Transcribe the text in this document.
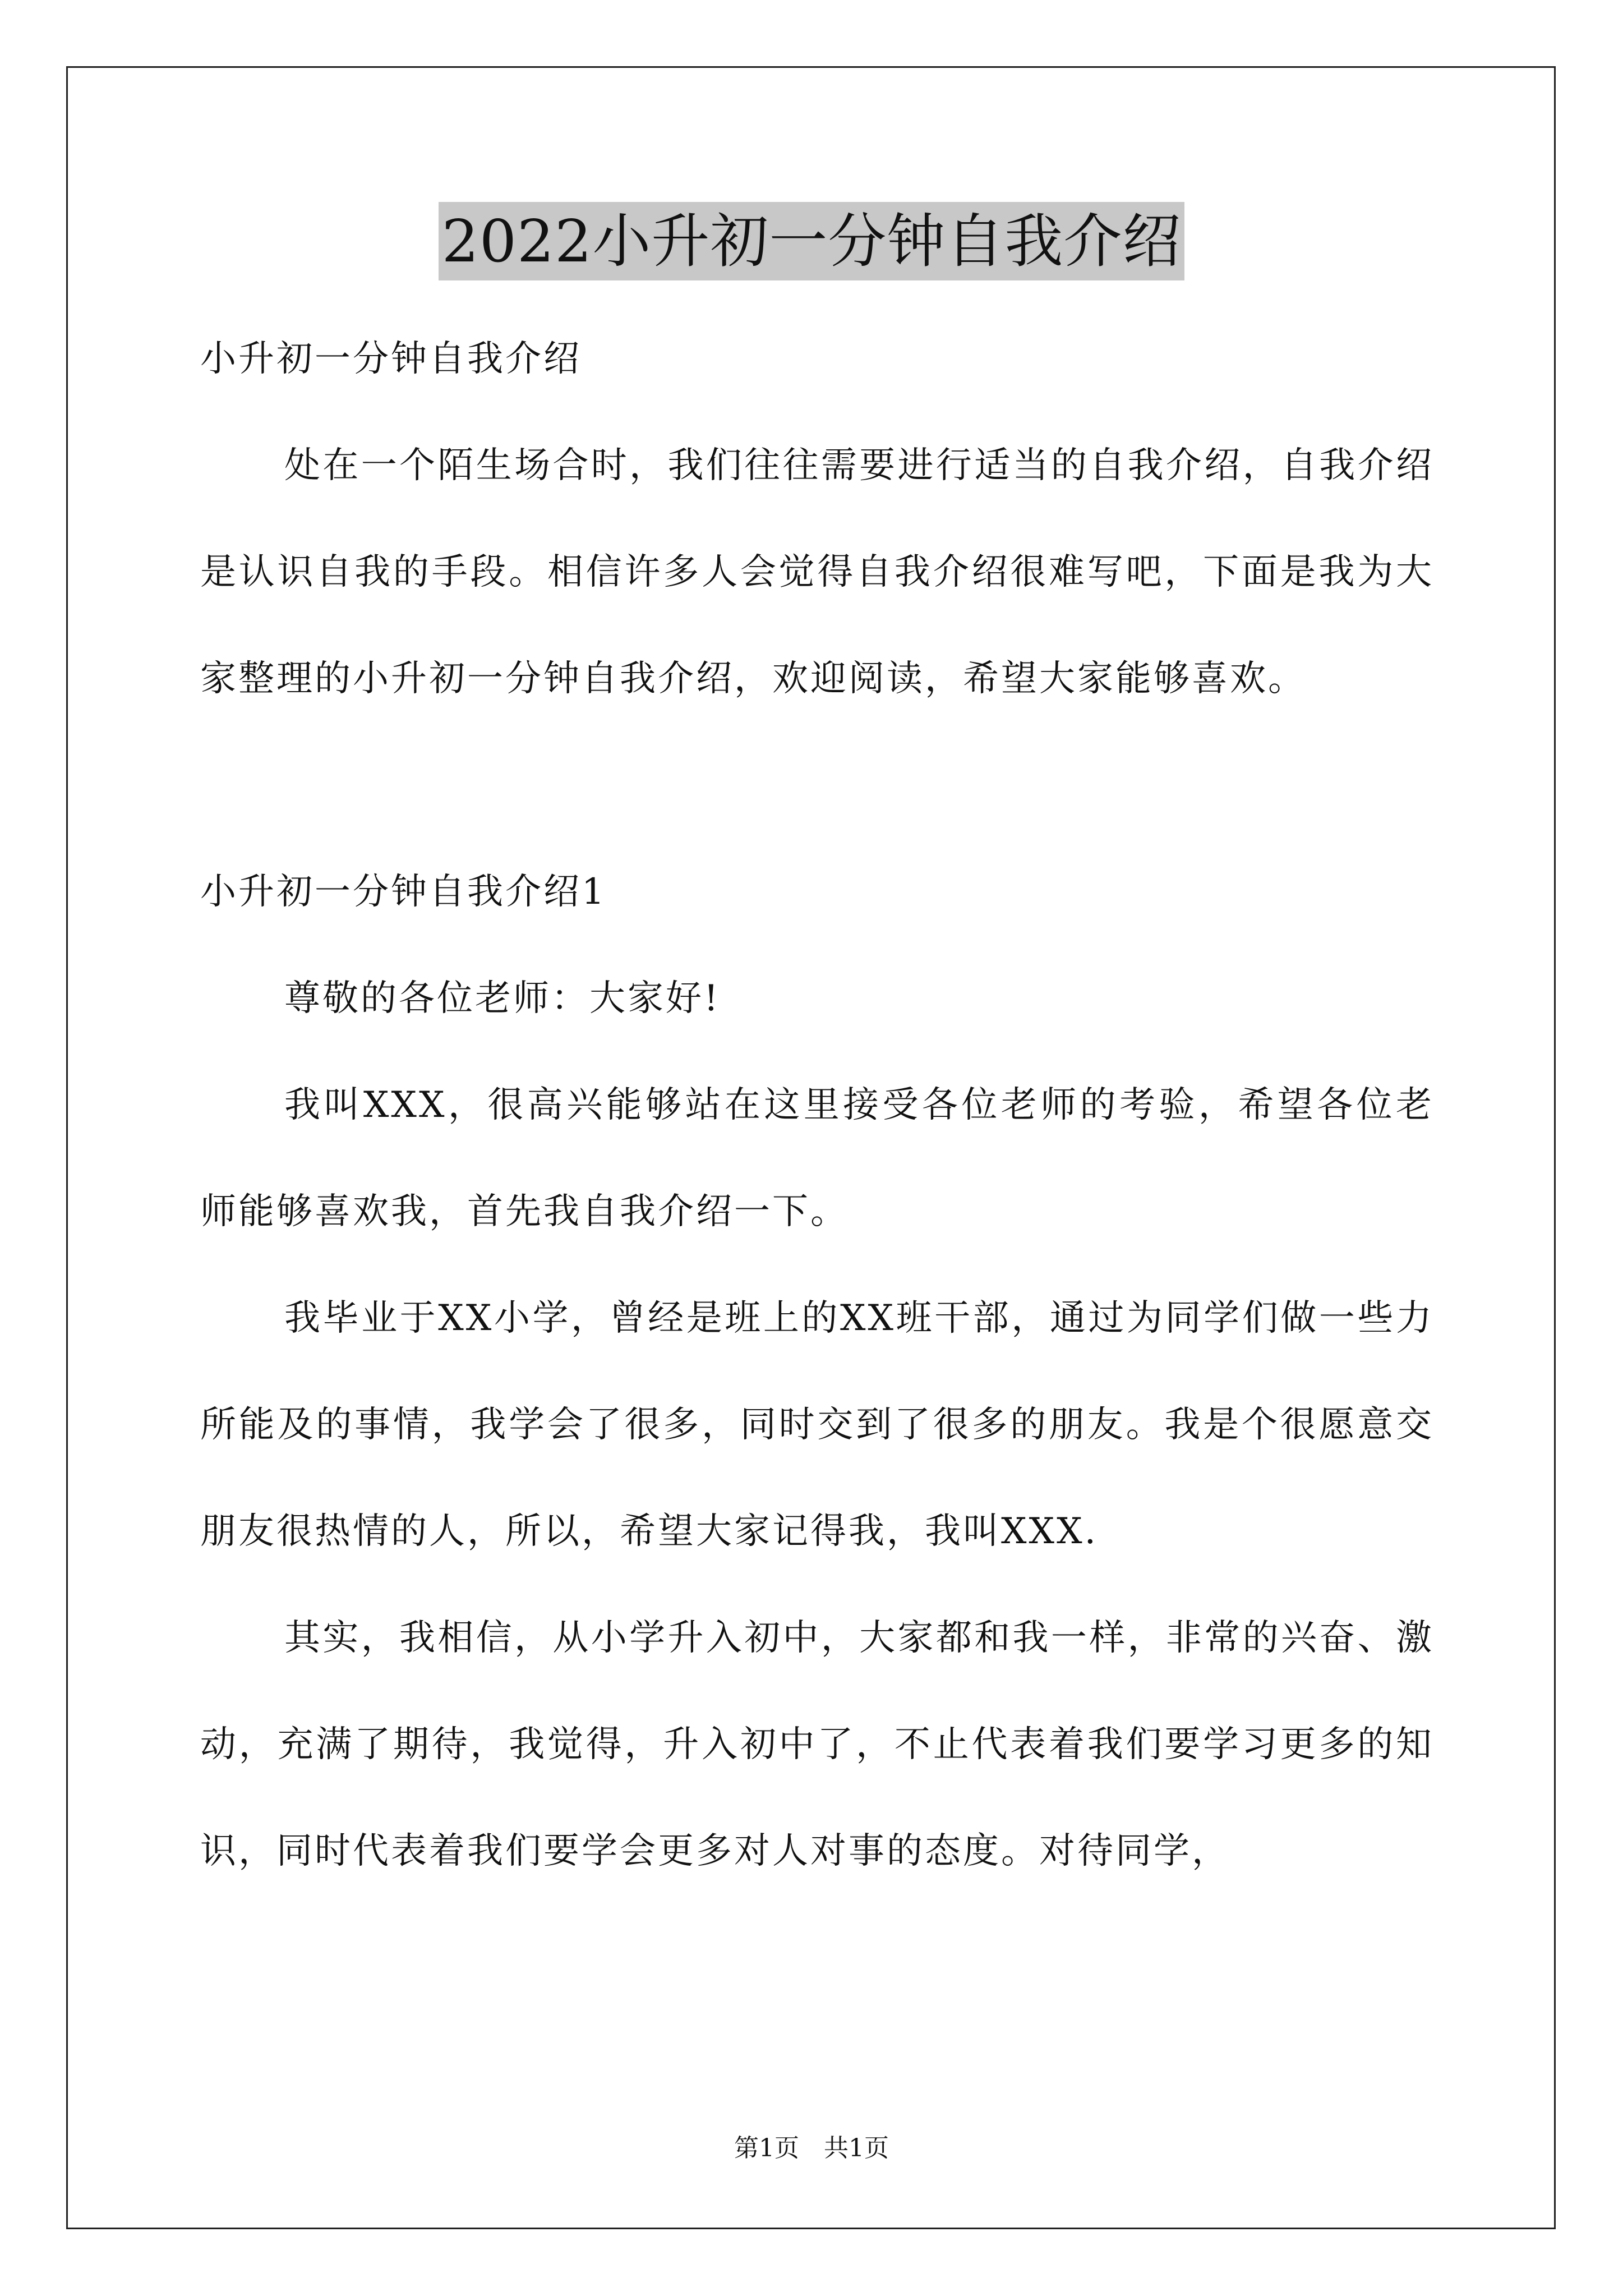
2022小升初一分钟自我介绍

小升初一分钟自我介绍

处在一个陌生场合时，我们往往需要进行适当的自我介绍，自我介绍是认识自我的手段。相信许多人会觉得自我介绍很难写吧，下面是我为大家整理的小升初一分钟自我介绍，欢迎阅读，希望大家能够喜欢。

小升初一分钟自我介绍1

尊敬的各位老师：大家好!

我叫XXX，很高兴能够站在这里接受各位老师的考验，希望各位老师能够喜欢我，首先我自我介绍一下。

我毕业于XX小学，曾经是班上的XX班干部，通过为同学们做一些力所能及的事情，我学会了很多，同时交到了很多的朋友。我是个很愿意交朋友很热情的人，所以，希望大家记得我，我叫XXX.

其实，我相信，从小学升入初中，大家都和我一样，非常的兴奋、激动，充满了期待，我觉得，升入初中了，不止代表着我们要学习更多的知识，同时代表着我们要学会更多对人对事的态度。对待同学，

第1页 共1页
